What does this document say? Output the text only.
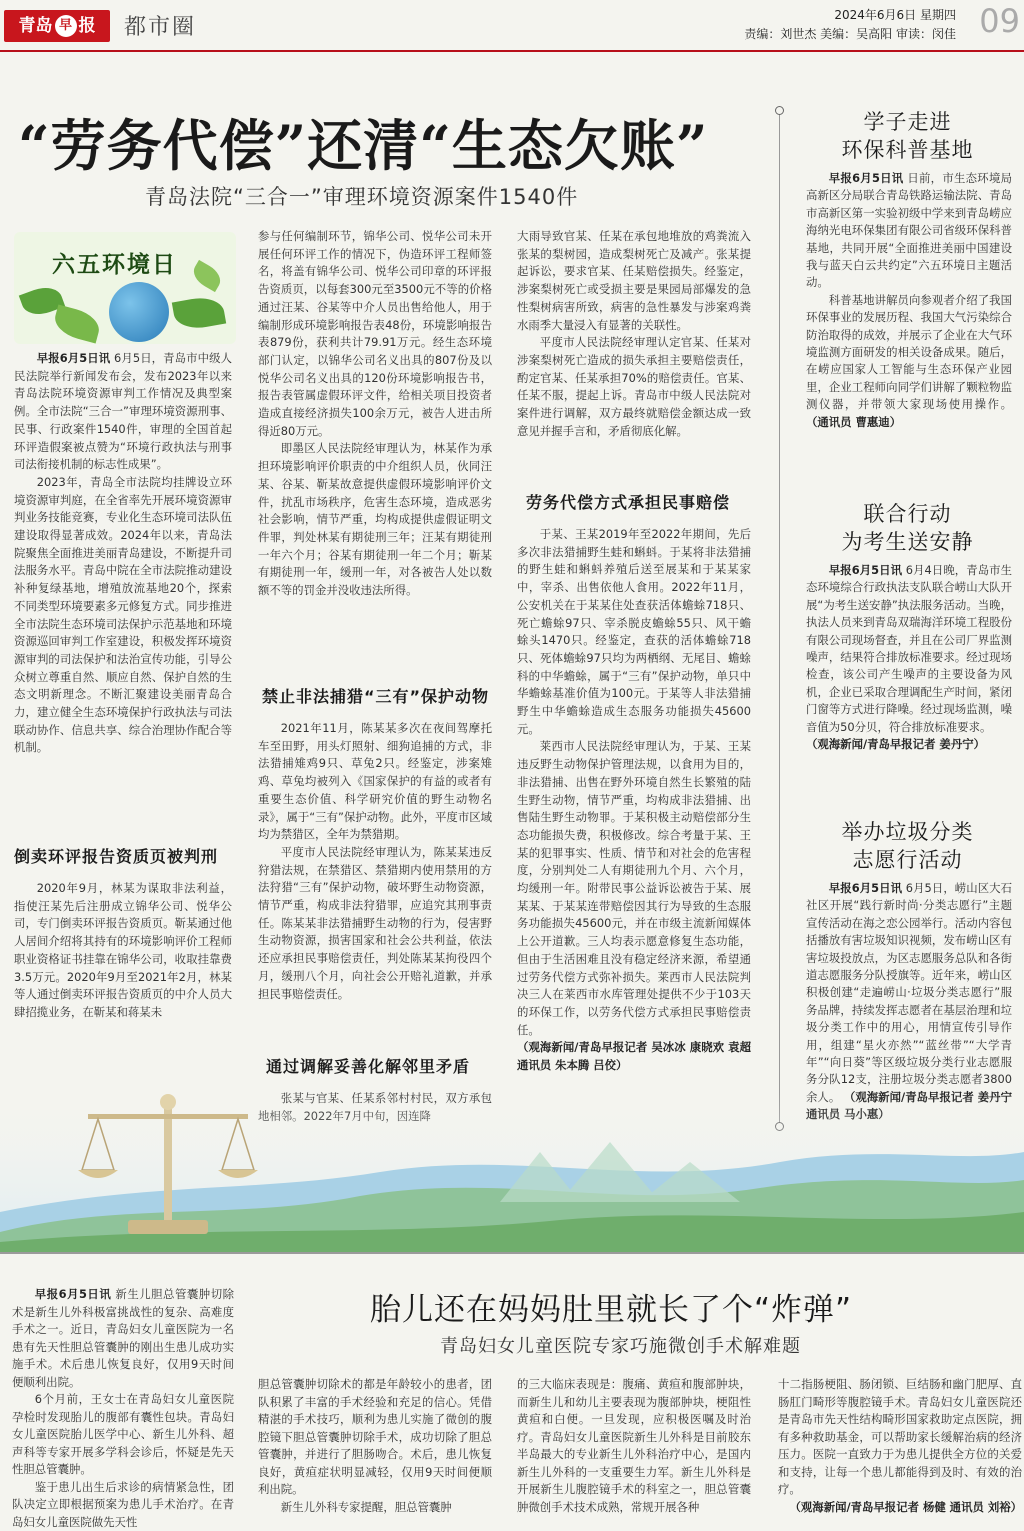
青岛 早 报	都市圈	2024年6月6日 星期四
责编：刘世杰 美编：吴高阳 审读：闵佳 09
“劳务代偿”还清“生态欠账”
青岛法院“三合一”审理环境资源案件1540件
六五环境日

早报6月5日讯 6月5日，青岛市中级人民法院举行新闻发布会，发布2023年以来青岛法院环境资源审判工作情况及典型案例。全市法院“三合一”审理环境资源刑事、民事、行政案件1540件，审理的全国首起环评造假案被点赞为“环境行政执法与刑事司法衔接机制的标志性成果”。

2023年，青岛全市法院均挂牌设立环境资源审判庭，在全省率先开展环境资源审判业务技能竞赛，专业化生态环境司法队伍建设取得显著成效。2024年以来，青岛法院聚焦全面推进美丽青岛建设，不断提升司法服务水平。青岛中院在全市法院推动建设补种复绿基地，增殖放流基地20个，探索不同类型环境要素多元修复方式。同步推进全市法院生态环境司法保护示范基地和环境资源巡回审判工作室建设，积极发挥环境资源审判的司法保护和法治宣传功能，引导公众树立尊重自然、顺应自然、保护自然的生态文明新理念。不断汇聚建设美丽青岛合力，建立健全生态环境保护行政执法与司法联动协作、信息共享、综合治理协作配合等机制。

倒卖环评报告资质页被判刑

2020年9月，林某为谋取非法利益，指使汪某先后注册成立锦华公司、悦华公司，专门倒卖环评报告资质页。靳某通过他人居间介绍将其持有的环境影响评价工程师职业资格证书挂靠在锦华公司，收取挂靠费3.5万元。2020年9月至2021年2月，林某等人通过倒卖环评报告资质页的中介人员大肆招揽业务，在靳某和蒋某未

参与任何编制环节，锦华公司、悦华公司未开展任何环评工作的情况下，伪造环评工程师签名，将盖有锦华公司、悦华公司印章的环评报告资质页，以每套300元至3500元不等的价格通过汪某、谷某等中介人员出售给他人，用于编制形成环境影响报告表48份，环境影响报告表879份，获利共计79.91万元。经生态环境部门认定，以锦华公司名义出具的807份及以悦华公司名义出具的120份环境影响报告书，报告表管属虚假环评文件，给相关项目投资者造成直接经济损失100余万元，被告人进击所得近80万元。

即墨区人民法院经审理认为，林某作为承担环境影响评价职责的中介组织人员，伙同汪某、谷某、靳某故意提供虚假环境影响评价文件，扰乱市场秩序，危害生态环境，造成恶劣社会影响，情节严重，均构成提供虚假证明文件罪，判处林某有期徒刑三年；汪某有期徒刑一年六个月；谷某有期徒刑一年二个月；靳某有期徒刑一年，缓刑一年，对各被告人处以数额不等的罚金并没收违法所得。

禁止非法捕猎“三有”保护动物

2021年11月，陈某某多次在夜间驾摩托车至田野，用头灯照射、细狗追捕的方式，非法猎捕雉鸡9只、草兔2只。经鉴定，涉案雉鸡、草兔均被列入《国家保护的有益的或者有重要生态价值、科学研究价值的野生动物名录》，属于“三有”保护动物。此外，平度市区域均为禁猎区，全年为禁猎期。

平度市人民法院经审理认为，陈某某违反狩猎法规，在禁猎区、禁猎期内使用禁用的方法狩猎“三有”保护动物，破坏野生动物资源，情节严重，构成非法狩猎罪，应追究其刑事责任。陈某某非法猎捕野生动物的行为，侵害野生动物资源，损害国家和社会公共利益，依法还应承担民事赔偿责任，判处陈某某拘役四个月，缓刑八个月，向社会公开赔礼道歉，并承担民事赔偿责任。

通过调解妥善化解邻里矛盾

大雨导致官某、任某在承包地堆放的鸡粪流入张某的梨树园，造成梨树死亡及减产。张某提起诉讼，要求官某、任某赔偿损失。经鉴定，涉案梨树死亡或受损主要是果园局部爆发的急性梨树病害所致，病害的急性暴发与涉案鸡粪水雨季大量浸入有显著的关联性。

平度市人民法院经审理认定官某、任某对涉案梨树死亡造成的损失承担主要赔偿责任，酌定官某、任某承担70%的赔偿责任。官某、任某不服，提起上诉。青岛市中级人民法院对案件进行调解，双方最终就赔偿金额达成一致意见并握手言和，矛盾彻底化解。

劳务代偿方式承担民事赔偿

于某、王某2019年至2022年期间，先后多次非法猎捕野生蛙和蝌蚪。于某将非法猎捕的野生蛙和蝌蚪养殖后送至展某和于某某家中，宰杀、出售依他人食用。2022年11月，公安机关在于某某住处查获活体蟾蜍718只、死亡蟾蜍97只、宰杀脱皮蟾蜍55只、风干蟾蜍头1470只。经鉴定，查获的活体蟾蜍718只、死体蟾蜍97只均为两栖纲、无尾目、蟾蜍科的中华蟾蜍，属于“三有”保护动物，单只中华蟾蜍基准价值为100元。于某等人非法猎捕野生中华蟾蜍造成生态服务功能损失45600元。

莱西市人民法院经审理认为，于某、王某违反野生动物保护管理法规，以食用为目的，非法猎捕、出售在野外环境自然生长繁殖的陆生野生动物，情节严重，均构成非法猎捕、出售陆生野生动物罪。于某积极主动赔偿部分生态功能损失费，积极修改。综合考量于某、王某的犯罪事实、性质、情节和对社会的危害程度，分别判处二人有期徒刑九个月、六个月，均缓刑一年。附带民事公益诉讼被告于某、展某某、于某某连带赔偿因其行为导致的生态服务功能损失45600元，并在市级主流新闻媒体上公开道歉。三人均表示愿意修复生态功能，但由于生活困难且没有稳定经济来源，希望通过劳务代偿方式弥补损失。莱西市人民法院判决三人在莱西市水库管理处提供不少于103天的环保工作，以劳务代偿方式承担民事赔偿责任。

（观海新闻/青岛早报记者 吴冰冰 康晓欢 袁超 通讯员 朱本腾 吕佼）

学子走进
环保科普基地

早报6月5日讯 日前，市生态环境局高新区分局联合青岛铁路运输法院、青岛市高新区第一实验初级中学来到青岛崂应海纳光电环保集团有限公司省级环保科普基地，共同开展“全面推进美丽中国建设 我与蓝天白云共约定”六五环境日主题活动。

科普基地讲解员向参观者介绍了我国环保事业的发展历程、我国大气污染综合防治取得的成效，并展示了企业在大气环境监测方面研发的相关设备成果。随后，在崂应国家人工智能与生态环保产业园里，企业工程师向同学们讲解了颗粒物监测仪器，并带领大家现场使用操作。 （通讯员 曹惠迪）

联合行动
为考生送安静

早报6月5日讯 6月4日晚，青岛市生态环境综合行政执法支队联合崂山大队开展“为考生送安静”执法服务活动。当晚，执法人员来到青岛双瑞海洋环境工程股份有限公司现场督查，并且在公司厂界监测噪声，结果符合排放标准要求。经过现场检查，该公司产生噪声的主要设备为风机，企业已采取合理调配生产时间，紧闭门窗等方式进行降噪。经过现场监测，噪音值为50分贝，符合排放标准要求。

（观海新闻/青岛早报记者 姜丹宁）

举办垃圾分类
志愿行活动

早报6月5日讯 6月5日，崂山区大石社区开展“践行新时尚·分类志愿行”主题宣传活动在海之恋公园举行。活动内容包括播放有害垃圾知识视频，发布崂山区有害垃圾投放点，为区志愿服务总队和各街道志愿服务分队授旗等。近年来，崂山区积极创建“走遍崂山·垃圾分类志愿行”服务品牌，持续发挥志愿者在基层治理和垃圾分类工作中的用心，用情宣传引导作用，组建“星火亦然”“蓝丝带”“大学青年”“向日葵”等区级垃圾分类行业志愿服务分队12支，注册垃圾分类志愿者3800

胎儿还在妈妈肚里就长了个“炸弹”
青岛妇女儿童医院专家巧施微创手术解难题

早报6月5日讯 新生儿胆总管囊肿切除术是新生儿外科极富挑战性的复杂、高难度手术之一。近日，青岛妇女儿童医院为一名患有先天性胆总管囊肿的刚出生患儿成功实施手术。术后患儿恢复良好，仅用9天时间便顺利出院。

6个月前，王女士在青岛妇女儿童医院孕检时发现胎儿的腹部有囊性包块。青岛妇女儿童医院胎儿医学中心、新生儿外科、超声科等专家开展多学科会诊后，怀疑是先天性胆总管囊肿。

鉴于患儿出生后求诊的病情紧急性，团队决定立即根据预案为患儿手术治疗。在青岛妇女儿童医院做先天性

胆总管囊肿切除术的都是年龄较小的患者，团队积累了丰富的手术经验和充足的信心。凭借精湛的手术技巧，顺利为患儿实施了微创的腹腔镜下胆总管囊肿切除手术，成功切除了胆总管囊肿，并进行了胆肠吻合。术后，患儿恢复良好，黄疸症状明显减轻，仅用9天时间便顺利出院。

新生儿外科专家提醒，胆总管囊肿

的三大临床表现是：腹痛、黄疸和腹部肿块，而新生儿和幼儿主要表现为腹部肿块，梗阻性黄疸和白便。一旦发现，应积极医嘱及时治疗。青岛妇女儿童医院新生儿外科是目前胶东半岛最大的专业新生儿外科治疗中心，是国内新生儿外科的一支重要生力军。新生儿外科是开展新生儿腹腔镜手术的科室之一，胆总管囊肿微创手术技术成熟，常规开展各种

十二指肠梗阻、肠闭锁、巨结肠和幽门肥厚、直肠肛门畸形等腹腔镜手术。青岛妇女儿童医院还是青岛市先天性结构畸形国家救助定点医院，拥有多种救助基金，可以帮助家长缓解治病的经济压力。医院一直致力于为患儿提供全方位的关爱和支持，让每一个患儿都能得到及时、有效的治疗。

（观海新闻/青岛早报记者 杨健 通讯员 刘裕）
